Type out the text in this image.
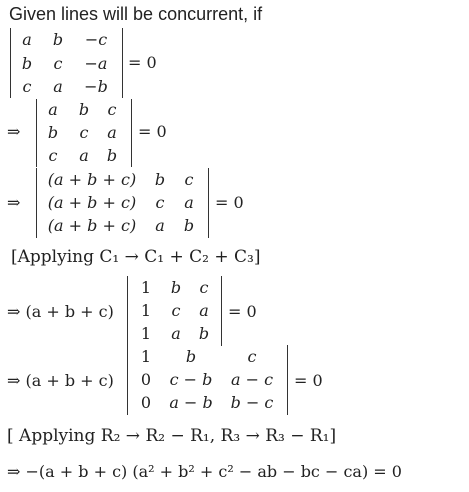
Given lines will be concurrent, if
a b −c
b c −a
c a −b
= 0
⇒
a b c
b c a
c a b
= 0
⇒
(a + b + c) b c
(a + b + c) c a
(a + b + c) a b
= 0
[Applying C₁ → C₁ + C₂ + C₃]
⇒ (a + b + c)
1 b c
1 c a
1 a b
= 0
⇒ (a + b + c)
1 b	c
0 c − b a − c
0 a − b b − c
= 0
[ Applying R₂ → R₂ − R₁, R₃ → R₃ − R₁]
⇒ −(a + b + c) (a² + b² + c² − ab − bc − ca) = 0
